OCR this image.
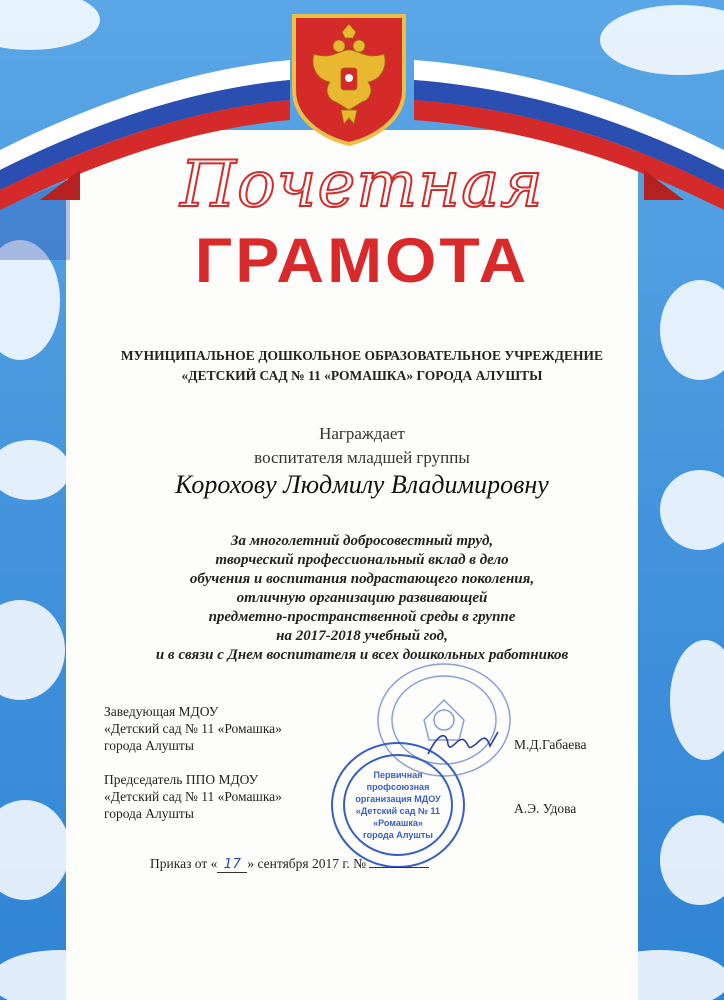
Почетная
ГРАМОТА
МУНИЦИПАЛЬНОЕ ДОШКОЛЬНОЕ ОБРАЗОВАТЕЛЬНОЕ УЧРЕЖДЕНИЕ
«ДЕТСКИЙ САД № 11 «РОМАШКА» ГОРОДА АЛУШТЫ
Награждает
воспитателя младшей группы
Корохову Людмилу Владимировну
За многолетний добросовестный труд,
творческий профессиональный вклад в дело
обучения и воспитания подрастающего поколения,
отличную организацию развивающей
предметно-пространственной среды в группе
на 2017-2018 учебный год,
и в связи с Днем воспитателя и всех дошкольных работников
Первичная
профсоюзная
организация МДОУ
«Детский сад № 11
«Ромашка»
города Алушты
Заведующая МДОУ
«Детский сад № 11 «Ромашка»
города Алушты	М.Д.Габаева
Председатель ППО МДОУ
«Детский сад № 11 «Ромашка»
города Алушты	А.Э. Удова
Приказ от « 17 » сентября 2017 г. №
